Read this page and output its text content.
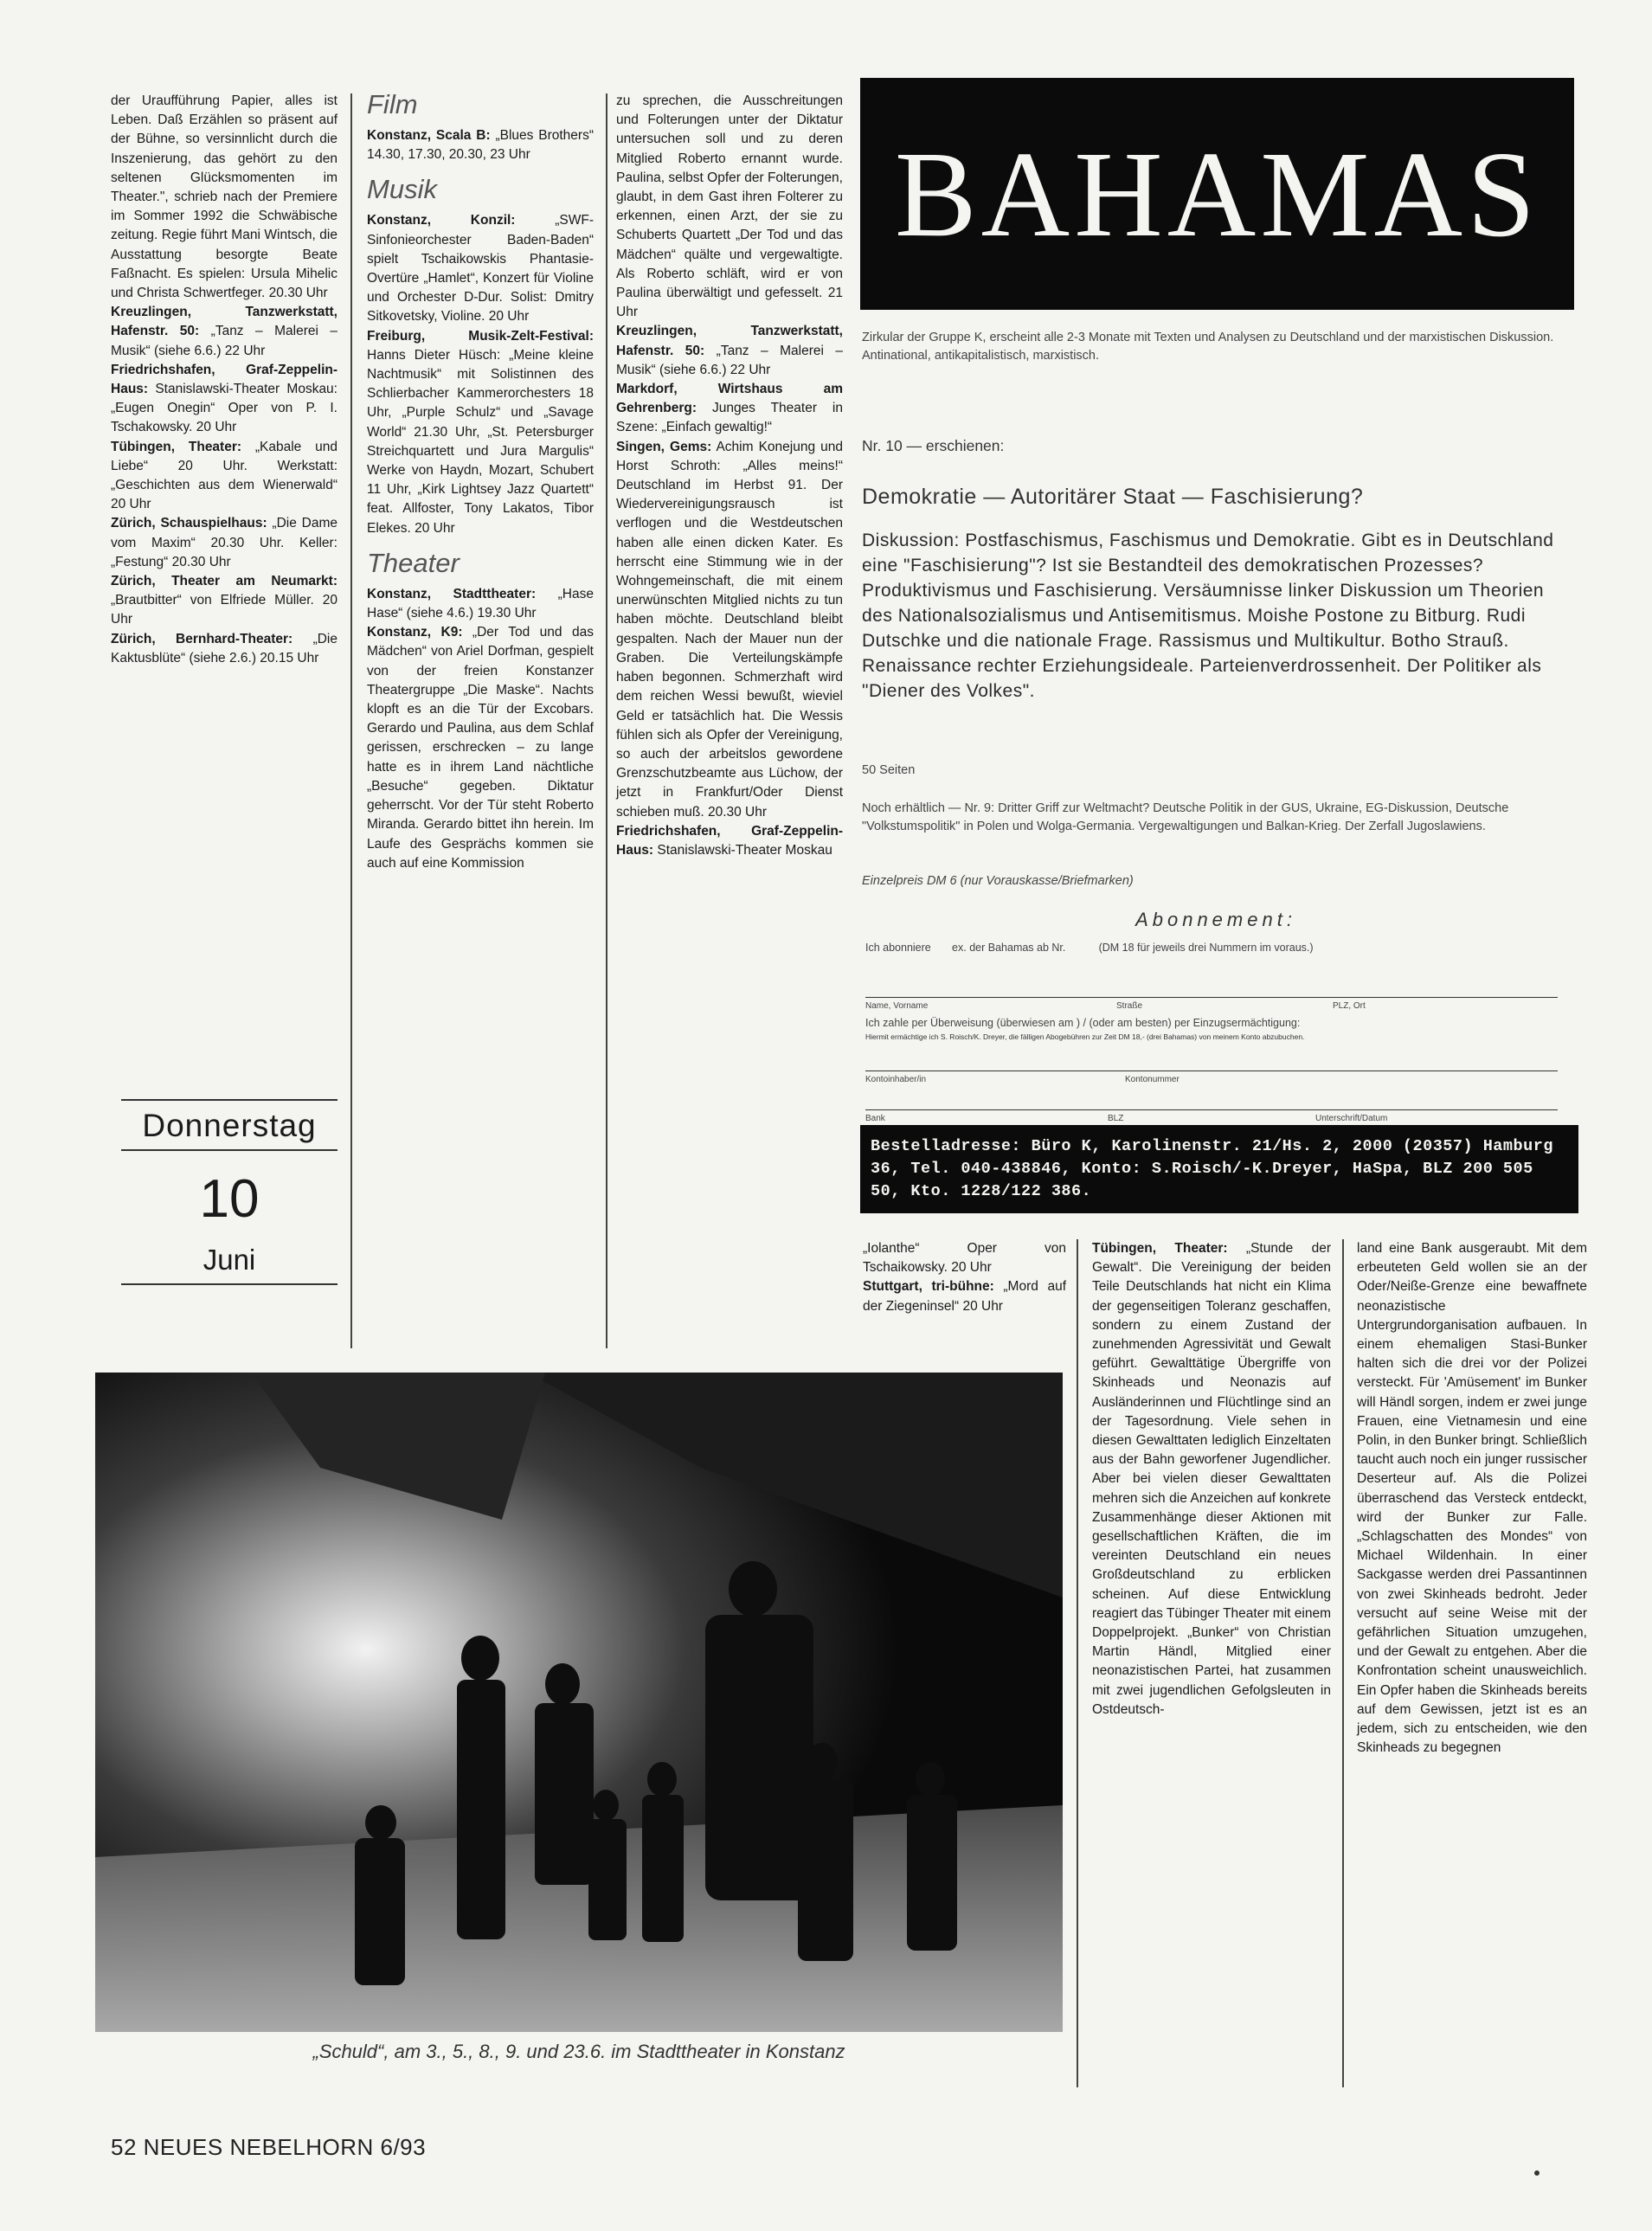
der Uraufführung Papier, alles ist Leben. Daß Erzählen so präsent auf der Bühne, so versinnlicht durch die Inszenierung, das gehört zu den seltenen Glücksmomenten im Theater.", schrieb nach der Premiere im Sommer 1992 die Schwäbische zeitung. Regie führt Mani Wintsch, die Ausstattung besorgte Beate Faßnacht. Es spielen: Ursula Mihelic und Christa Schwertfeger. 20.30 Uhr

Kreuzlingen, Tanzwerkstatt, Hafenstr. 50: „Tanz – Malerei – Musik“ (siehe 6.6.) 22 Uhr

Friedrichshafen, Graf-Zeppelin-Haus: Stanislawski-Theater Moskau: „Eugen Onegin“ Oper von P. I. Tschakowsky. 20 Uhr

Tübingen, Theater: „Kabale und Liebe“ 20 Uhr. Werkstatt: „Geschichten aus dem Wienerwald“ 20 Uhr

Zürich, Schauspielhaus: „Die Dame vom Maxim“ 20.30 Uhr. Keller: „Festung“ 20.30 Uhr

Zürich, Theater am Neumarkt: „Brautbitter“ von Elfriede Müller. 20 Uhr

Zürich, Bernhard-Theater: „Die Kaktusblüte“ (siehe 2.6.) 20.15 Uhr

Donnerstag
10
Juni
Film

Konstanz, Scala B: „Blues Brothers“ 14.30, 17.30, 20.30, 23 Uhr

Musik

Konstanz, Konzil: „SWF-Sinfonieorchester Baden-Baden“ spielt Tschaikowskis Phantasie-Overtüre „Hamlet“, Konzert für Violine und Orchester D-Dur. Solist: Dmitry Sitkovetsky, Violine. 20 Uhr

Freiburg, Musik-Zelt-Festival: Hanns Dieter Hüsch: „Meine kleine Nachtmusik“ mit Solistinnen des Schlierbacher Kammerorchesters 18 Uhr, „Purple Schulz“ und „Savage World“ 21.30 Uhr, „St. Petersburger Streichquartett und Jura Margulis“ Werke von Haydn, Mozart, Schubert 11 Uhr, „Kirk Lightsey Jazz Quartett“ feat. Allfoster, Tony Lakatos, Tibor Elekes. 20 Uhr

Theater

Konstanz, Stadttheater: „Hase Hase“ (siehe 4.6.) 19.30 Uhr

Konstanz, K9: „Der Tod und das Mädchen“ von Ariel Dorfman, gespielt von der freien Konstanzer Theatergruppe „Die Maske“. Nachts klopft es an die Tür der Excobars. Gerardo und Paulina, aus dem Schlaf gerissen, erschrecken – zu lange hatte es in ihrem Land nächtliche „Besuche“ gegeben. Diktatur geherrscht. Vor der Tür steht Roberto Miranda. Gerardo bittet ihn herein. Im Laufe des Gesprächs kommen sie auch auf eine Kommission

zu sprechen, die Ausschreitungen und Folterungen unter der Diktatur untersuchen soll und zu deren Mitglied Roberto ernannt wurde. Paulina, selbst Opfer der Folterungen, glaubt, in dem Gast ihren Folterer zu erkennen, einen Arzt, der sie zu Schuberts Quartett „Der Tod und das Mädchen“ quälte und vergewaltigte. Als Roberto schläft, wird er von Paulina überwältigt und gefesselt. 21 Uhr

Kreuzlingen, Tanzwerkstatt, Hafenstr. 50: „Tanz – Malerei – Musik“ (siehe 6.6.) 22 Uhr

Markdorf, Wirtshaus am Gehrenberg: Junges Theater in Szene: „Einfach gewaltig!“

Singen, Gems: Achim Konejung und Horst Schroth: „Alles meins!“ Deutschland im Herbst 91. Der Wiedervereinigungsrausch ist verflogen und die Westdeutschen haben alle einen dicken Kater. Es herrscht eine Stimmung wie in der Wohngemeinschaft, die mit einem unerwünschten Mitglied nichts zu tun haben möchte. Deutschland bleibt gespalten. Nach der Mauer nun der Graben. Die Verteilungskämpfe haben begonnen. Schmerzhaft wird dem reichen Wessi bewußt, wieviel Geld er tatsächlich hat. Die Wessis fühlen sich als Opfer der Vereinigung, so auch der arbeitslos gewordene Grenzschutzbeamte aus Lüchow, der jetzt in Frankfurt/Oder Dienst schieben muß. 20.30 Uhr

Friedrichshafen, Graf-Zeppelin-Haus: Stanislawski-Theater Moskau

BAHAMAS
Zirkular der Gruppe K, erscheint alle 2-3 Monate mit Texten und Analysen zu Deutschland und der marxistischen Diskussion. Antinational, antikapitalistisch, marxistisch.
Nr. 10 — erschienen:
Demokratie — Autoritärer Staat — Faschisierung?
Diskussion: Postfaschismus, Faschismus und Demokratie. Gibt es in Deutschland eine "Faschisierung"? Ist sie Bestandteil des demokratischen Prozesses? Produktivismus und Faschisierung. Versäumnisse linker Diskussion um Theorien des Nationalsozialismus und Antisemitismus. Moishe Postone zu Bitburg. Rudi Dutschke und die nationale Frage. Rassismus und Multikultur. Botho Strauß. Renaissance rechter Erziehungsideale. Parteienverdrossenheit. Der Politiker als "Diener des Volkes".
50 Seiten
Noch erhältlich — Nr. 9: Dritter Griff zur Weltmacht? Deutsche Politik in der GUS, Ukraine, EG-Diskussion, Deutsche "Volkstumspolitik" in Polen und Wolga-Germania. Vergewaltigungen und Balkan-Krieg. Der Zerfall Jugoslawiens.
Einzelpreis DM 6 (nur Vorauskasse/Briefmarken)
Abonnement:
Ich abonniere       ex. der Bahamas ab Nr.           (DM 18 für jeweils drei Nummern im voraus.)
Name, Vorname	Straße	PLZ, Ort
Ich zahle per Überweisung (überwiesen am ) / (oder am besten) per Einzugsermächtigung:
Hiermit ermächtige ich S. Roisch/K. Dreyer, die fälligen Abogebühren zur Zeit DM 18,- (drei Bahamas) von meinem Konto abzubuchen.
Kontoinhaber/in	Kontonummer
Bank	BLZ	Unterschrift/Datum
Bestelladresse: Büro K, Karolinenstr. 21/Hs. 2, 2000 (20357) Hamburg 36, Tel. 040-438846, Konto: S.Roisch/-K.Dreyer, HaSpa, BLZ 200 505 50, Kto. 1228/122 386.

„Iolanthe“ Oper von Tschaikowsky. 20 Uhr

Stuttgart, tri-bühne: „Mord auf der Ziegeninsel“ 20 Uhr

Tübingen, Theater: „Stunde der Gewalt“. Die Vereinigung der beiden Teile Deutschlands hat nicht ein Klima der gegenseitigen Toleranz geschaffen, sondern zu einem Zustand der zunehmenden Agressivität und Gewalt geführt. Gewalttätige Übergriffe von Skinheads und Neonazis auf Ausländerinnen und Flüchtlinge sind an der Tagesordnung. Viele sehen in diesen Gewalttaten lediglich Einzeltaten aus der Bahn geworfener Jugendlicher. Aber bei vielen dieser Gewalttaten mehren sich die Anzeichen auf konkrete Zusammenhänge dieser Aktionen mit gesellschaftlichen Kräften, die im vereinten Deutschland ein neues Großdeutschland zu erblicken scheinen. Auf diese Entwicklung reagiert das Tübinger Theater mit einem Doppelprojekt. „Bunker“ von Christian Martin Händl, Mitglied einer neonazistischen Partei, hat zusammen mit zwei jugendlichen Gefolgsleuten in Ostdeutsch-

land eine Bank ausgeraubt. Mit dem erbeuteten Geld wollen sie an der Oder/Neiße-Grenze eine bewaffnete neonazistische Untergrundorganisation aufbauen. In einem ehemaligen Stasi-Bunker halten sich die drei vor der Polizei versteckt. Für 'Amüsement' im Bunker will Händl sorgen, indem er zwei junge Frauen, eine Vietnamesin und eine Polin, in den Bunker bringt. Schließlich taucht auch noch ein junger russischer Deserteur auf. Als die Polizei überraschend das Versteck entdeckt, wird der Bunker zur Falle. „Schlagschatten des Mondes“ von Michael Wildenhain. In einer Sackgasse werden drei Passantinnen von zwei Skinheads bedroht. Jeder versucht auf seine Weise mit der gefährlichen Situation umzugehen, und der Gewalt zu entgehen. Aber die Konfrontation scheint unausweichlich. Ein Opfer haben die Skinheads bereits auf dem Gewissen, jetzt ist es an jedem, sich zu entscheiden, wie den Skinheads zu begegnen

„Schuld“, am 3., 5., 8., 9. und 23.6. im Stadttheater in Konstanz
52 NEUES NEBELHORN 6/93
